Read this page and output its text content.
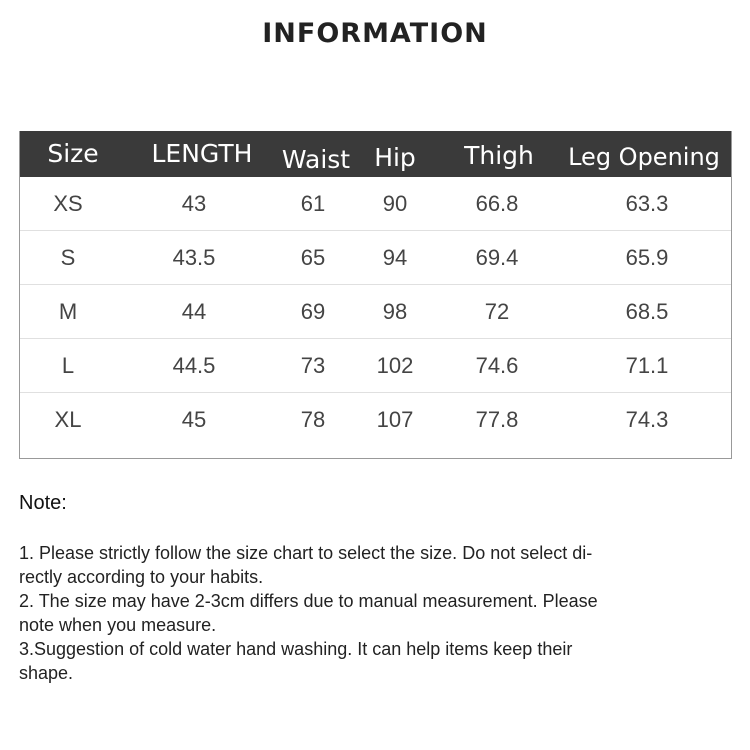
INFORMATION
Size LENGTH Waist Hip Thigh Leg Opening
XS	43	61	90	66.8	63.3
S	43.5	65	94	69.4	65.9
M	44	69	98	72	68.5
L	44.5	73 102	74.6	71.1
XL	45	78 107	77.8	74.3
Note:
1. Please strictly follow the size chart to select the size. Do not select di-
rectly according to your habits.
2. The size may have 2-3cm differs due to manual measurement. Please
note when you measure.
3.Suggestion of cold water hand washing. It can help items keep their
shape.
